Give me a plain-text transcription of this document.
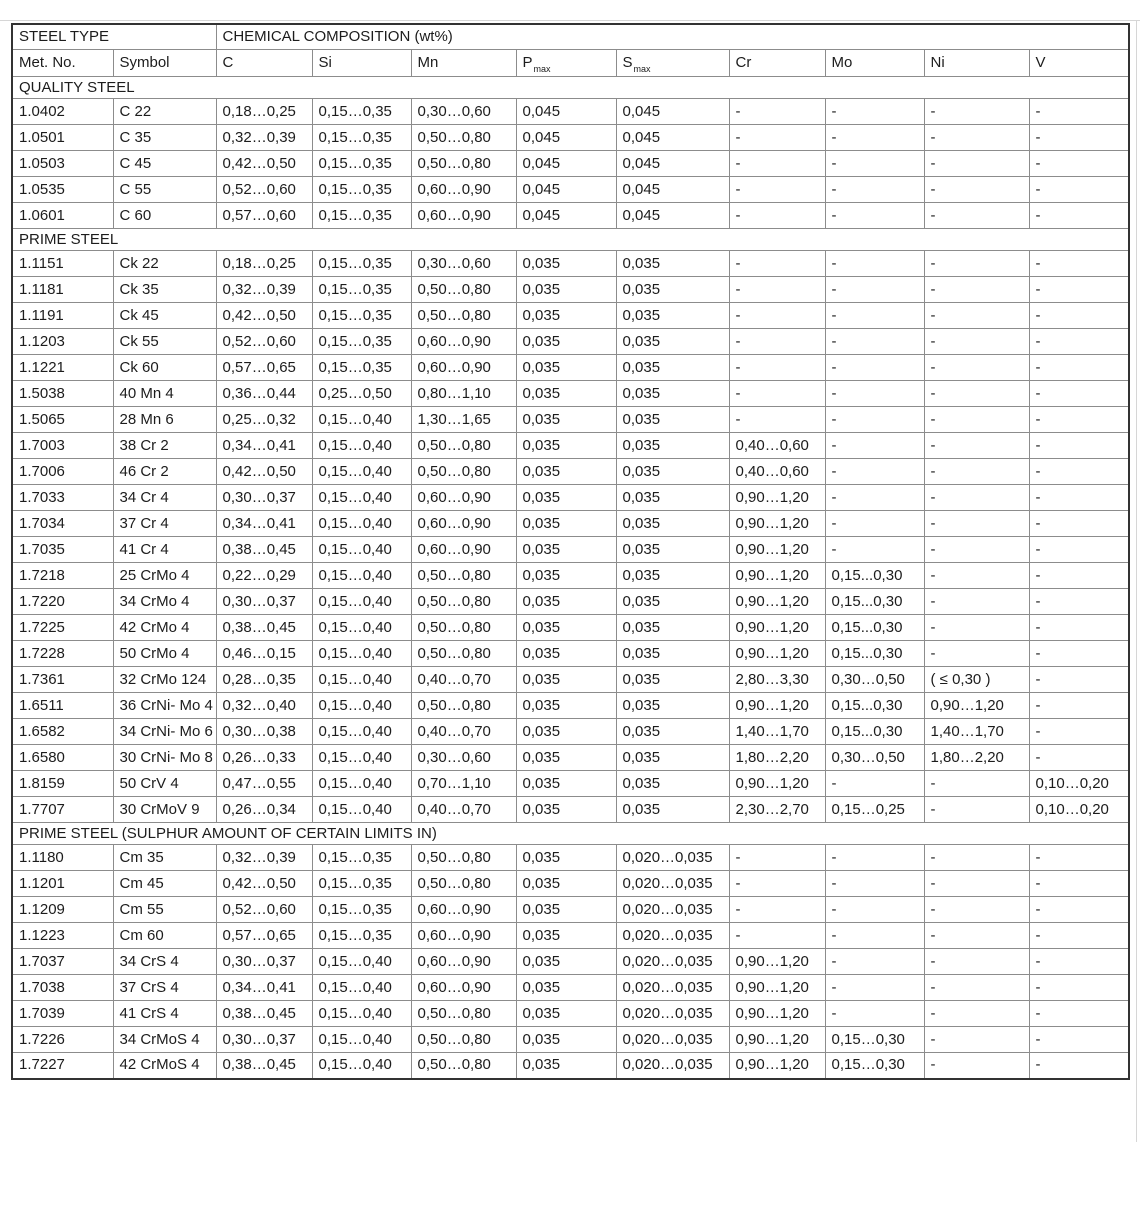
STEEL TYPE		CHEMICAL COMPOSITION (wt%)								
Met. No.	Symbol	C	Si	Mn	$P_{max}$	$S_{max}$	Cr	Mo	Ni	V
QUALITY STEEL										
1.0402	C 22	0,18…0,25	0,15…0,35	0,30…0,60	0,045	0,045	-	-	-	-
1.0501	C 35	0,32…0,39	0,15…0,35	0,50…0,80	0,045	0,045	-	-	-	-
1.0503	C 45	0,42…0,50	0,15…0,35	0,50…0,80	0,045	0,045	-	-	-	-
1.0535	C 55	0,52…0,60	0,15…0,35	0,60…0,90	0,045	0,045	-	-	-	-
1.0601	C 60	0,57…0,60	0,15…0,35	0,60…0,90	0,045	0,045	-	-	-	-
PRIME STEEL										
1.1151	Ck 22	0,18…0,25	0,15…0,35	0,30…0,60	0,035	0,035	-	-	-	-
1.1181	Ck 35	0,32…0,39	0,15…0,35	0,50…0,80	0,035	0,035	-	-	-	-
1.1191	Ck 45	0,42…0,50	0,15…0,35	0,50…0,80	0,035	0,035	-	-	-	-
1.1203	Ck 55	0,52…0,60	0,15…0,35	0,60…0,90	0,035	0,035	-	-	-	-
1.1221	Ck 60	0,57…0,65	0,15…0,35	0,60…0,90	0,035	0,035	-	-	-	-
1.5038	40 Mn 4	0,36…0,44	0,25…0,50	0,80…1,10	0,035	0,035	-	-	-	-
1.5065	28 Mn 6	0,25…0,32	0,15…0,40	1,30…1,65	0,035	0,035	-	-	-	-
1.7003	38 Cr 2	0,34…0,41	0,15…0,40	0,50…0,80	0,035	0,035	0,40…0,60	-	-	-
1.7006	46 Cr 2	0,42…0,50	0,15…0,40	0,50…0,80	0,035	0,035	0,40…0,60	-	-	-
1.7033	34 Cr 4	0,30…0,37	0,15…0,40	0,60…0,90	0,035	0,035	0,90…1,20	-	-	-
1.7034	37 Cr 4	0,34…0,41	0,15…0,40	0,60…0,90	0,035	0,035	0,90…1,20	-	-	-
1.7035	41 Cr 4	0,38…0,45	0,15…0,40	0,60…0,90	0,035	0,035	0,90…1,20	-	-	-
1.7218	25 CrMo 4	0,22…0,29	0,15…0,40	0,50…0,80	0,035	0,035	0,90…1,20	0,15...0,30	-	-
1.7220	34 CrMo 4	0,30…0,37	0,15…0,40	0,50…0,80	0,035	0,035	0,90…1,20	0,15...0,30	-	-
1.7225	42 CrMo 4	0,38…0,45	0,15…0,40	0,50…0,80	0,035	0,035	0,90…1,20	0,15...0,30	-	-
1.7228	50 CrMo 4	0,46…0,15	0,15…0,40	0,50…0,80	0,035	0,035	0,90…1,20	0,15...0,30	-	-
1.7361	32 CrMo 124	0,28…0,35	0,15…0,40	0,40…0,70	0,035	0,035	2,80…3,30	0,30…0,50	( ≤ 0,30 )	-
1.6511	36 CrNi- Mo 4	0,32…0,40	0,15…0,40	0,50…0,80	0,035	0,035	0,90…1,20	0,15...0,30	0,90…1,20	-
1.6582	34 CrNi- Mo 6	0,30…0,38	0,15…0,40	0,40…0,70	0,035	0,035	1,40…1,70	0,15...0,30	1,40…1,70	-
1.6580	30 CrNi- Mo 8	0,26…0,33	0,15…0,40	0,30…0,60	0,035	0,035	1,80…2,20	0,30…0,50	1,80…2,20	-
1.8159	50 CrV 4	0,47…0,55	0,15…0,40	0,70…1,10	0,035	0,035	0,90…1,20	-	-	0,10…0,20
1.7707	30 CrMoV 9	0,26…0,34	0,15…0,40	0,40…0,70	0,035	0,035	2,30…2,70	0,15…0,25	-	0,10…0,20
PRIME STEEL (SULPHUR AMOUNT OF CERTAIN LIMITS IN)										
1.1180	Cm 35	0,32…0,39	0,15…0,35	0,50…0,80	0,035	0,020…0,035	-	-	-	-
1.1201	Cm 45	0,42…0,50	0,15…0,35	0,50…0,80	0,035	0,020…0,035	-	-	-	-
1.1209	Cm 55	0,52…0,60	0,15…0,35	0,60…0,90	0,035	0,020…0,035	-	-	-	-
1.1223	Cm 60	0,57…0,65	0,15…0,35	0,60…0,90	0,035	0,020…0,035	-	-	-	-
1.7037	34 CrS 4	0,30…0,37	0,15…0,40	0,60…0,90	0,035	0,020…0,035	0,90…1,20	-	-	-
1.7038	37 CrS 4	0,34…0,41	0,15…0,40	0,60…0,90	0,035	0,020…0,035	0,90…1,20	-	-	-
1.7039	41 CrS 4	0,38…0,45	0,15…0,40	0,50…0,80	0,035	0,020…0,035	0,90…1,20	-	-	-
1.7226	34 CrMoS 4	0,30…0,37	0,15…0,40	0,50…0,80	0,035	0,020…0,035	0,90…1,20	0,15…0,30	-	-
1.7227	42 CrMoS 4	0,38…0,45	0,15…0,40	0,50…0,80	0,035	0,020…0,035	0,90…1,20	0,15…0,30	-	-
